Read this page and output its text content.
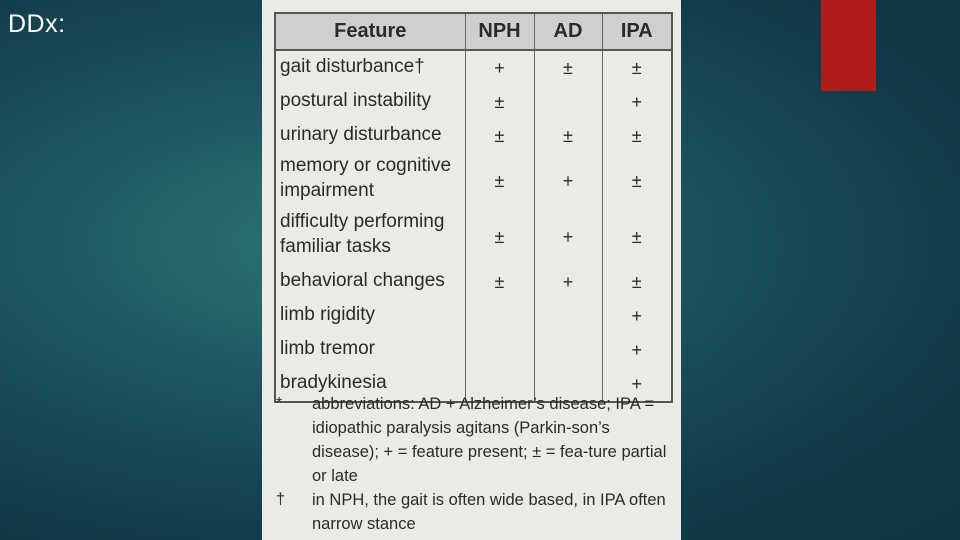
DDx:	Feature	NPH	AD	IPA
gait disturbance†	+	±	±
postural instability	±		+
urinary disturbance	±	±	±
memory or cognitive impairment	±	+	±
difficulty performing familiar tasks	±	+	±
behavioral changes	±	+	±
limb rigidity			+
limb tremor			+
bradykinesia			+
*	abbreviations: AD + Alzheimer’s disease; IPA = idiopathic paralysis agitans (Parkin-son’s disease); + = feature present; ± = fea-ture partial or late
†	in NPH, the gait is often wide based, in IPA often narrow stance
